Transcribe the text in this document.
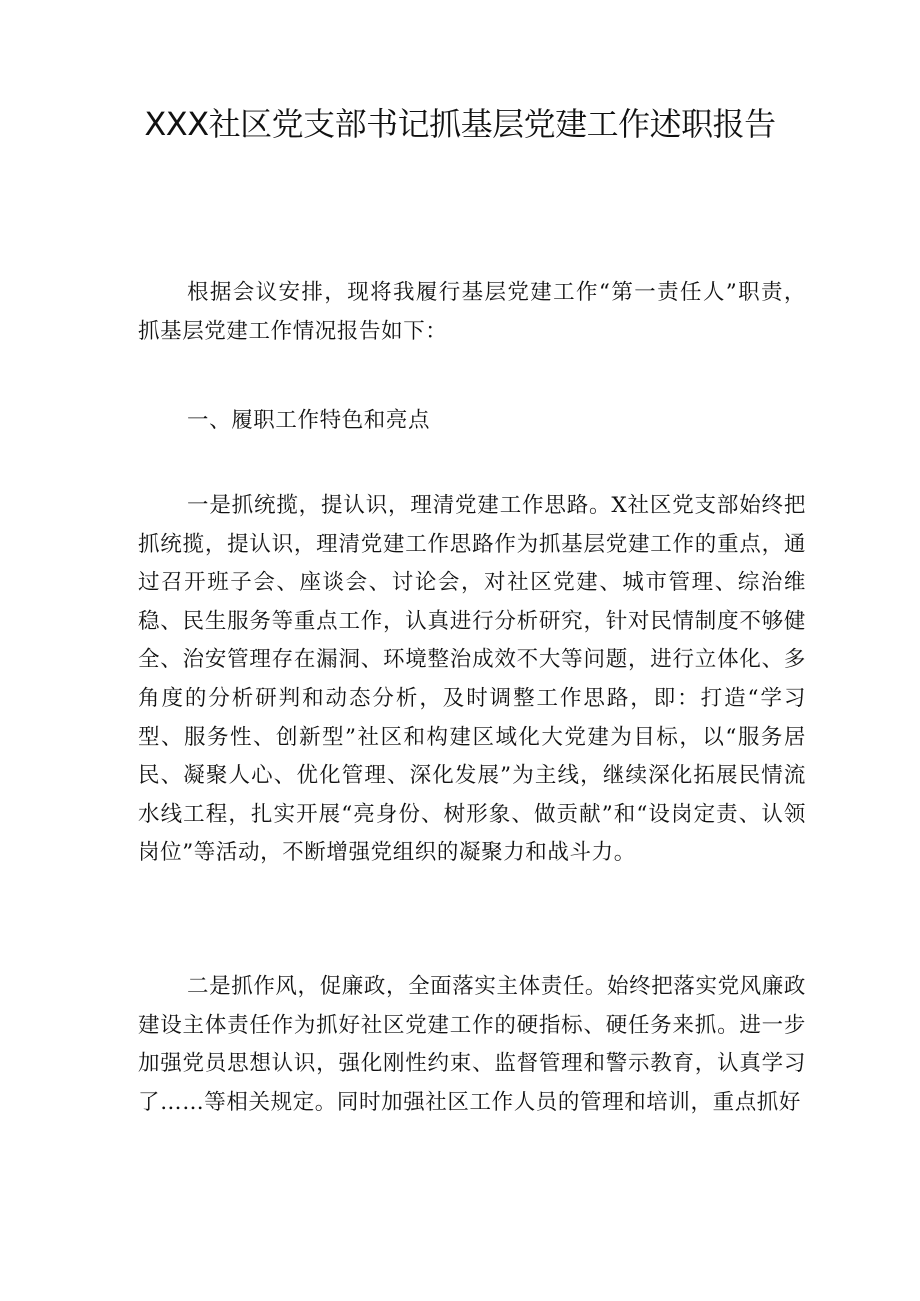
XXX社区党支部书记抓基层党建工作述职报告

根据会议安排，现将我履行基层党建工作“第一责任人”职责，抓基层党建工作情况报告如下：

一、履职工作特色和亮点

一是抓统揽，提认识，理清党建工作思路。X社区党支部始终把抓统揽，提认识，理清党建工作思路作为抓基层党建工作的重点，通过召开班子会、座谈会、讨论会，对社区党建、城市管理、综治维稳、民生服务等重点工作，认真进行分析研究，针对民情制度不够健全、治安管理存在漏洞、环境整治成效不大等问题，进行立体化、多角度的分析研判和动态分析，及时调整工作思路，即：打造“学习型、服务性、创新型”社区和构建区域化大党建为目标，以“服务居民、凝聚人心、优化管理、深化发展”为主线，继续深化拓展民情流水线工程，扎实开展“亮身份、树形象、做贡献”和“设岗定责、认领岗位”等活动，不断增强党组织的凝聚力和战斗力。

二是抓作风，促廉政，全面落实主体责任。始终把落实党风廉政建设主体责任作为抓好社区党建工作的硬指标、硬任务来抓。进一步加强党员思想认识，强化刚性约束、监督管理和警示教育，认真学习了……等相关规定。同时加强社区工作人员的管理和培训，重点抓好
